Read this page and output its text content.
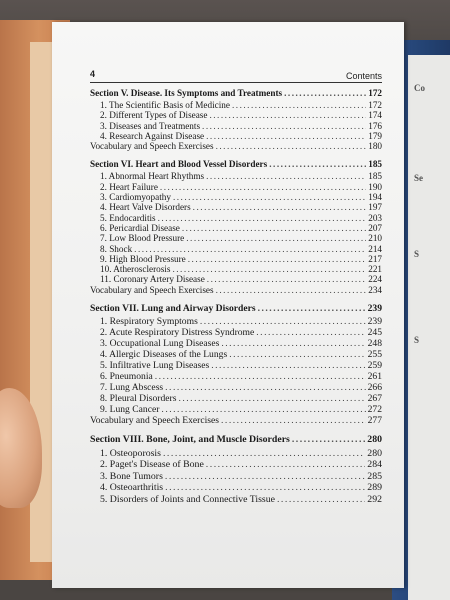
Co
Se
S
S
4	Contents
Section V. Disease. Its Symptoms and Treatments .....	172
1. The Scientific Basis of Medicine .....	172
2. Different Types of Disease .....	174
3. Diseases and Treatments .....	176
4. Research Against Disease .....	179
Vocabulary and Speech Exercises .....	180
Section VI. Heart and Blood Vessel Disorders .....	185
1. Abnormal Heart Rhythms .....	185
2. Heart Failure .....	190
3. Cardiomyopathy .....	194
4. Heart Valve Disorders .....	197
5. Endocarditis .....	203
6. Pericardial Disease .....	207
7. Low Blood Pressure .....	210
8. Shock .....	214
9. High Blood Pressure .....	217
10. Atherosclerosis .....	221
11. Coronary Artery Disease .....	224
Vocabulary and Speech Exercises .....	234
Section VII. Lung and Airway Disorders .....	239
1. Respiratory Symptoms .....	239
2. Acute Respiratory Distress Syndrome .....	245
3. Occupational Lung Diseases .....	248
4. Allergic Diseases of the Lungs .....	255
5. Infiltrative Lung Diseases .....	259
6. Pneumonia .....	261
7. Lung Abscess .....	266
8. Pleural Disorders .....	267
9. Lung Cancer .....	272
Vocabulary and Speech Exercises .....	277
Section VIII. Bone, Joint, and Muscle Disorders .....	280
1. Osteoporosis .....	280
2. Paget's Disease of Bone .....	284
3. Bone Tumors .....	285
4. Osteoarthritis .....	289
5. Disorders of Joints and Connective Tissue .....	292
